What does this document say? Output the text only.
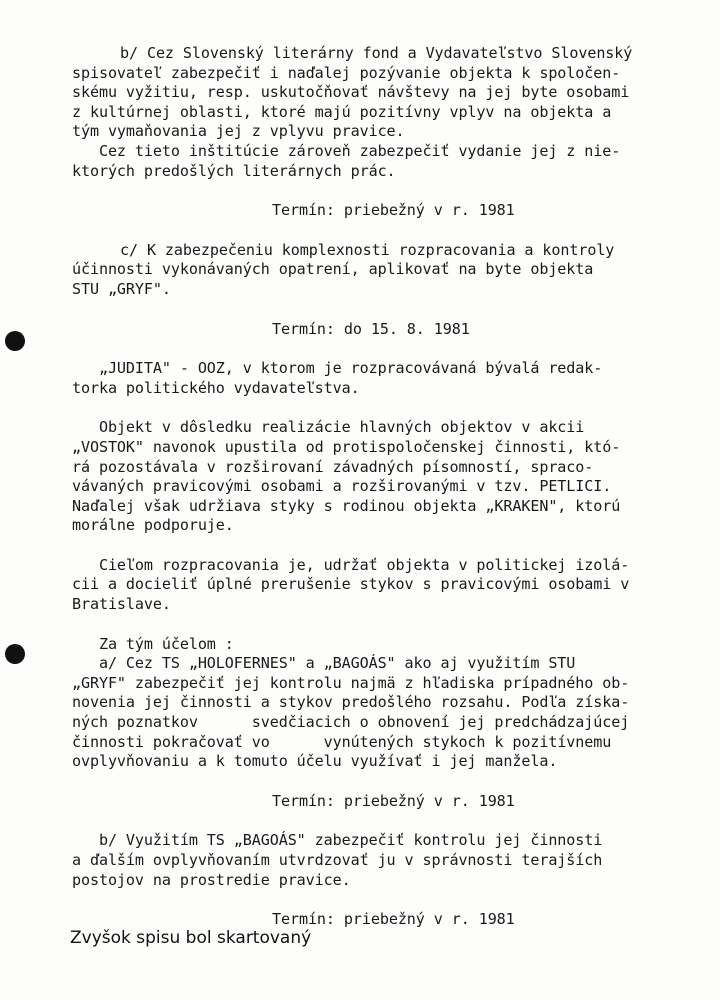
b/ Cez Slovenský literárny fond a Vydavateľstvo Slovenský
spisovateľ zabezpečiť i naďalej pozývanie objekta k spoločen-
skému vyžitiu, resp. uskutočňovať návštevy na jej byte osobami
z kultúrnej oblasti, ktoré majú pozitívny vplyv na objekta a
tým vymaňovania jej z vplyvu pravice.
Cez tieto inštitúcie zároveň zabezpečiť vydanie jej z nie-
ktorých predošlých literárnych prác.
Termín: priebežný v r. 1981
c/ K zabezpečeniu komplexnosti rozpracovania a kontroly
účinnosti vykonávaných opatrení, aplikovať na byte objekta
STU „GRYF".
Termín: do 15. 8. 1981
„JUDITA" - OOZ, v ktorom je rozpracovávaná bývalá redak-
torka politického vydavateľstva.
Objekt v dôsledku realizácie hlavných objektov v akcii
„VOSTOK" navonok upustila od protispoločenskej činnosti, któ-
rá pozostávala v rozširovaní závadných písomností, spraco-
vávaných pravicovými osobami a rozširovanými v tzv. PETLICI.
Naďalej však udržiava styky s rodinou objekta „KRAKEN", ktorú
morálne podporuje.
Cieľom rozpracovania je, udržať objekta v politickej izolá-
cii a docieliť úplné prerušenie stykov s pravicovými osobami v
Bratislave.
Za tým účelom :
a/ Cez TS „HOLOFERNES" a „BAGOÁS" ako aj využitím STU
„GRYF" zabezpečiť jej kontrolu najmä z hľadiska prípadného ob-
novenia jej činnosti a stykov predošlého rozsahu. Podľa získa-
ných poznatkov      svedčiacich o obnovení jej predchádzajúcej
činnosti pokračovať vo      vynútených stykoch k pozitívnemu
ovplyvňovaniu a k tomuto účelu využívať i jej manžela.
Termín: priebežný v r. 1981
b/ Využitím TS „BAGOÁS" zabezpečiť kontrolu jej činnosti
a ďalším ovplyvňovaním utvrdzovať ju v správnosti terajších
postojov na prostredie pravice.
Termín: priebežný v r. 1981
Zvyšok spisu bol skartovaný
